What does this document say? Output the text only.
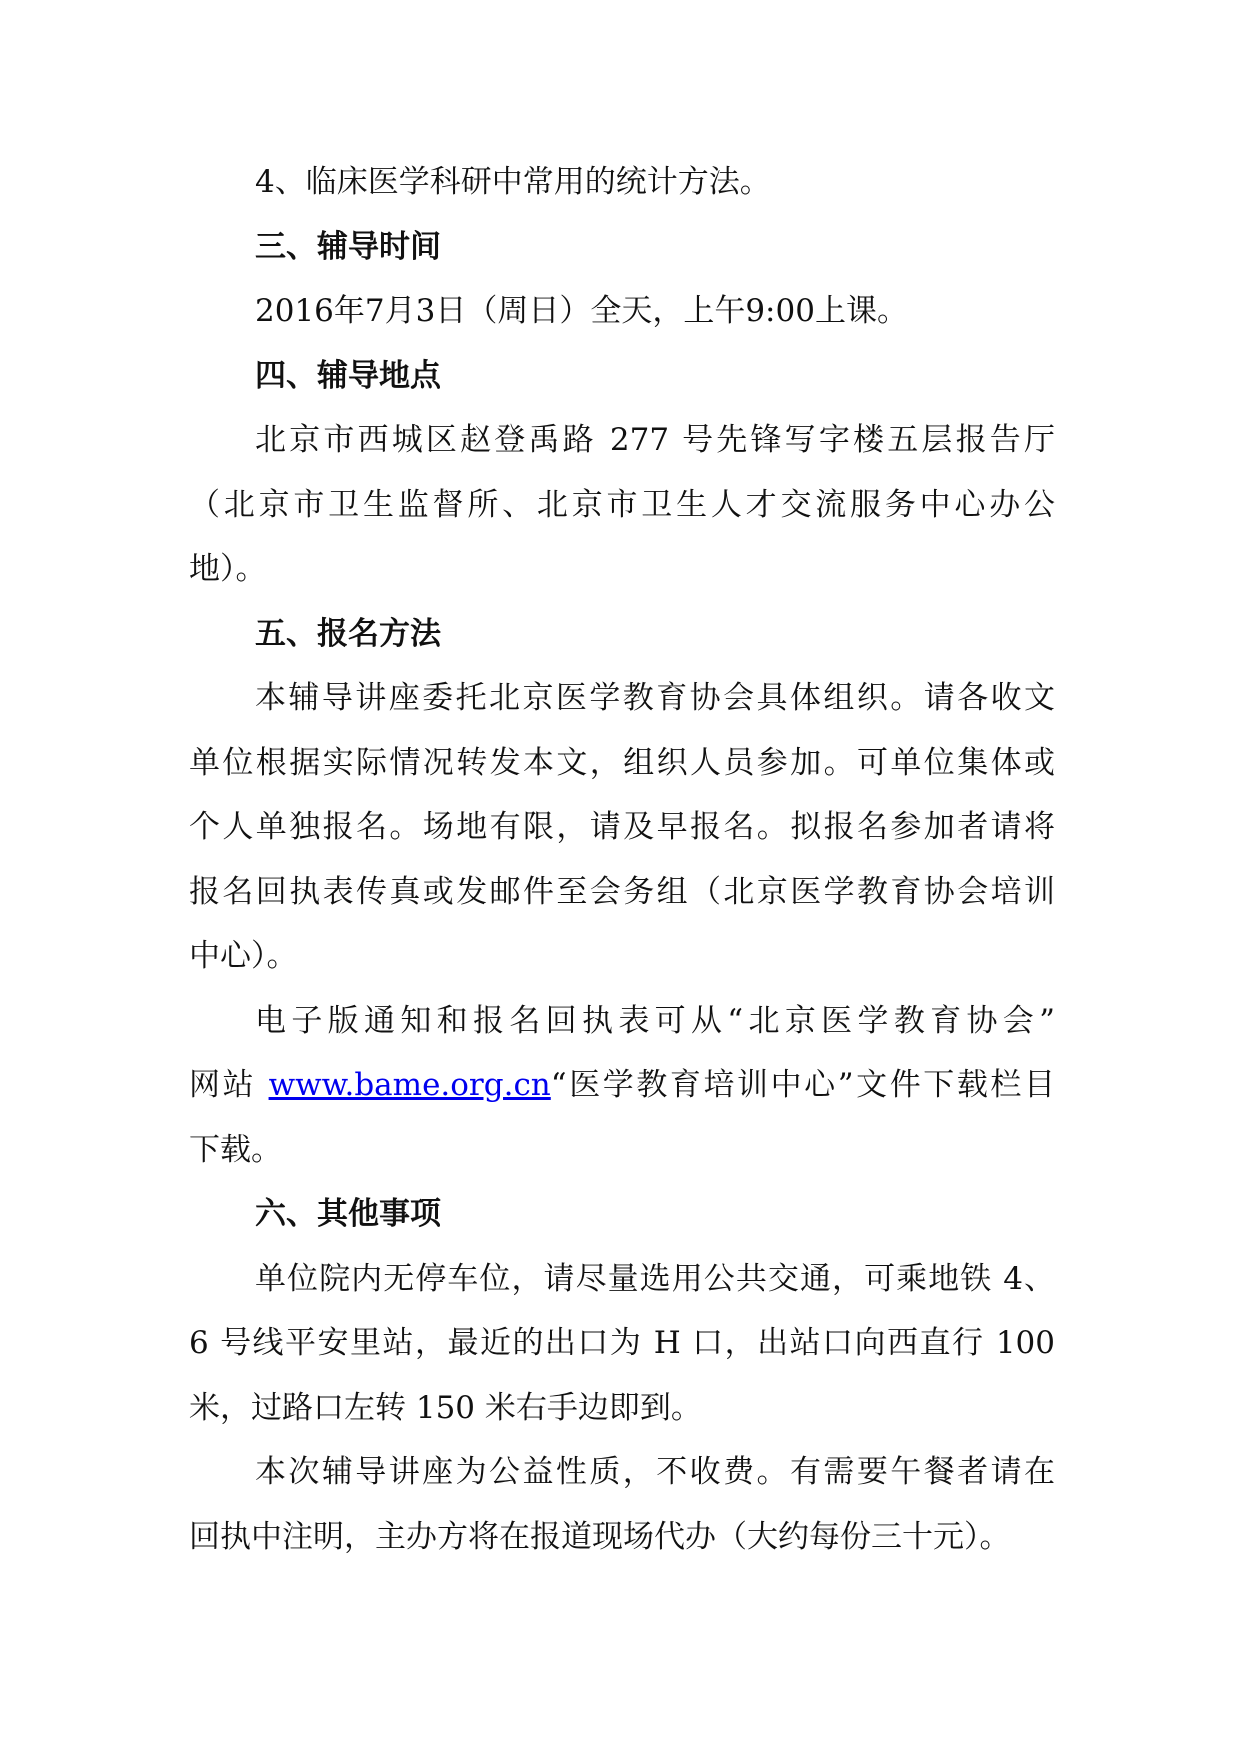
4、临床医学科研中常用的统计方法。
三、辅导时间
2016年7月3日（周日）全天，上午9:00上课。
四、辅导地点
北京市西城区赵登禹路 277 号先锋写字楼五层报告厅
（北京市卫生监督所、北京市卫生人才交流服务中心办公
地）。
五、报名方法
本辅导讲座委托北京医学教育协会具体组织。请各收文
单位根据实际情况转发本文，组织人员参加。可单位集体或
个人单独报名。场地有限，请及早报名。拟报名参加者请将
报名回执表传真或发邮件至会务组（北京医学教育协会培训
中心）。
电子版通知和报名回执表可从“北京医学教育协会”
网站 www.bame.org.cn“医学教育培训中心”文件下载栏目
下载。
六、其他事项
单位院内无停车位，请尽量选用公共交通，可乘地铁 4、
6 号线平安里站，最近的出口为 H 口，出站口向西直行 100
米，过路口左转 150 米右手边即到。
本次辅导讲座为公益性质，不收费。有需要午餐者请在
回执中注明，主办方将在报道现场代办（大约每份三十元）。
